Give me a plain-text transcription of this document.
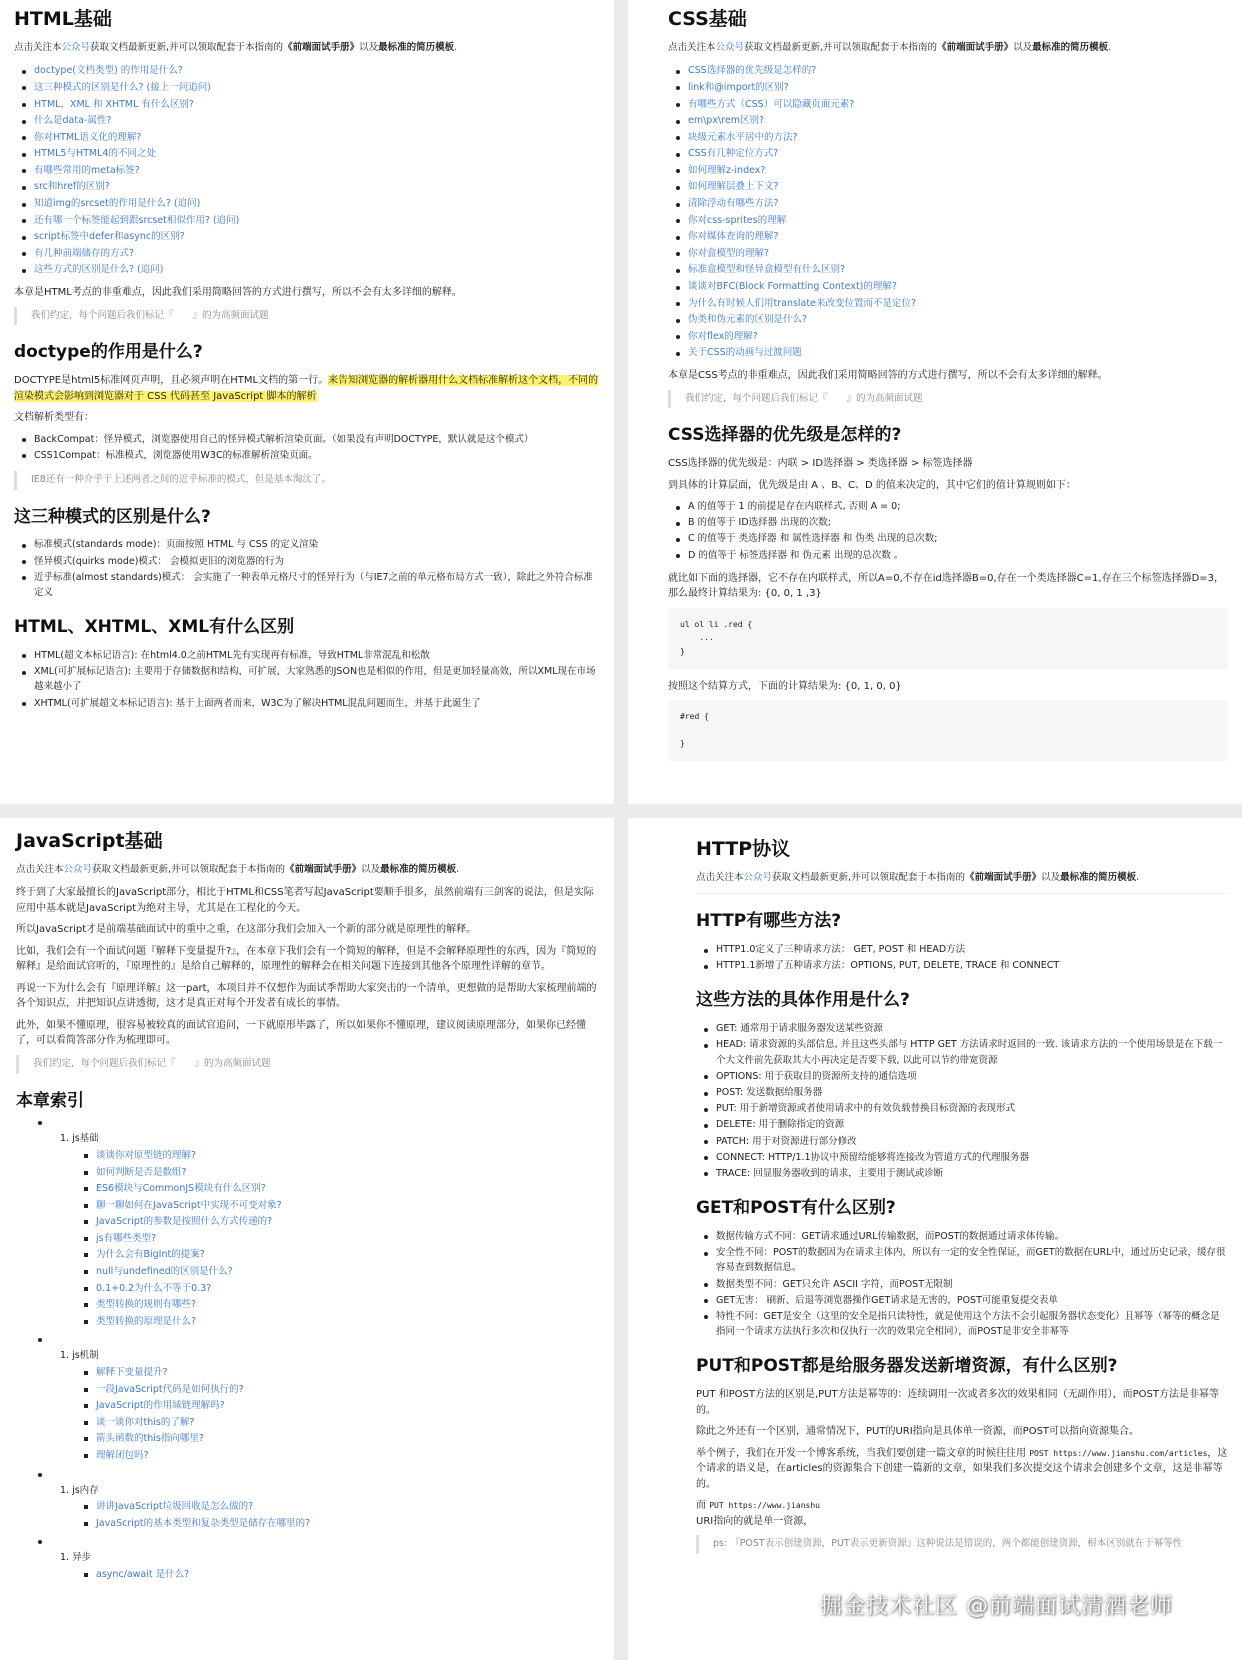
HTML基础

点击关注本公众号获取文档最新更新,并可以领取配套于本指南的《前端面试手册》以及最标准的简历模板.

doctype(文档类型) 的作用是什么?
这三种模式的区别是什么? (接上一问追问)
HTML、XML 和 XHTML 有什么区别?
什么是data-属性?
你对HTML语义化的理解?
HTML5与HTML4的不同之处
有哪些常用的meta标签?
src和href的区别?
知道img的srcset的作用是什么? (追问)
还有哪一个标签能起到跟srcset相似作用? (追问)
script标签中defer和async的区别?
有几种前端储存的方式?
这些方式的区别是什么? (追问)

本章是HTML考点的非重难点，因此我们采用简略回答的方式进行撰写，所以不会有太多详细的解释。

我们约定，每个问题后我们标记『　　』的为高频面试题
doctype的作用是什么?

DOCTYPE是html5标准网页声明，且必须声明在HTML文档的第一行。来告知浏览器的解析器用什么文档标准解析这个文档，不同的渲染模式会影响到浏览器对于 CSS 代码甚至 JavaScript 脚本的解析

文档解析类型有：

BackCompat：怪异模式，浏览器使用自己的怪异模式解析渲染页面。（如果没有声明DOCTYPE，默认就是这个模式）
CSS1Compat：标准模式，浏览器使用W3C的标准解析渲染页面。
IE8还有一种介乎于上述两者之间的近乎标准的模式，但是基本淘汰了。
这三种模式的区别是什么?
标准模式(standards mode)：页面按照 HTML 与 CSS 的定义渲染
怪异模式(quirks mode)模式： 会模拟更旧的浏览器的行为
近乎标准(almost standards)模式： 会实施了一种表单元格尺寸的怪异行为（与IE7之前的单元格布局方式一致），除此之外符合标准定义
HTML、XHTML、XML有什么区别
HTML(超文本标记语言): 在html4.0之前HTML先有实现再有标准，导致HTML非常混乱和松散
XML(可扩展标记语言): 主要用于存储数据和结构，可扩展，大家熟悉的JSON也是相似的作用，但是更加轻量高效，所以XML现在市场越来越小了
XHTML(可扩展超文本标记语言): 基于上面两者而来，W3C为了解决HTML混乱问题而生，并基于此诞生了
CSS基础

点击关注本公众号获取文档最新更新,并可以领取配套于本指南的《前端面试手册》以及最标准的简历模板.

CSS选择器的优先级是怎样的?
link和@import的区别?
有哪些方式（CSS）可以隐藏页面元素?
em\px\rem区别?
块级元素水平居中的方法?
CSS有几种定位方式?
如何理解z-index?
如何理解层叠上下文?
清除浮动有哪些方法?
你对css-sprites的理解
你对媒体查询的理解?
你对盒模型的理解?
标准盒模型和怪异盒模型有什么区别?
谈谈对BFC(Block Formatting Context)的理解?
为什么有时候人们用translate来改变位置而不是定位?
伪类和伪元素的区别是什么?
你对flex的理解?
关于CSS的动画与过渡问题

本章是CSS考点的非重难点，因此我们采用简略回答的方式进行撰写，所以不会有太多详细的解释。

我们约定，每个问题后我们标记『　　』的为高频面试题
CSS选择器的优先级是怎样的?

CSS选择器的优先级是：内联 > ID选择器 > 类选择器 > 标签选择器

到具体的计算层面，优先级是由 A 、B、C、D 的值来决定的，其中它们的值计算规则如下：

A 的值等于 1 的前提是存在内联样式, 否则 A = 0;
B 的值等于 ID选择器 出现的次数;
C 的值等于 类选择器 和 属性选择器 和 伪类 出现的总次数;
D 的值等于 标签选择器 和 伪元素 出现的总次数 。

就比如下面的选择器，它不存在内联样式，所以A=0,不存在id选择器B=0,存在一个类选择器C=1,存在三个标签选择器D=3，那么最终计算结果为: {0, 0, 1 ,3}

ul ol li .red {
...
}

按照这个结算方式，下面的计算结果为: {0, 1, 0, 0}

#red {

}
JavaScript基础

点击关注本公众号获取文档最新更新,并可以领取配套于本指南的《前端面试手册》以及最标准的简历模板.

终于到了大家最擅长的JavaScript部分，相比于HTML和CSS笔者写起JavaScript要顺手很多，虽然前端有三剑客的说法，但是实际应用中基本就是JavaScript为绝对主导，尤其是在工程化的今天。

所以JavaScript才是前端基础面试中的重中之重，在这部分我们会加入一个新的部分就是原理性的解释。

比如，我们会有一个面试问题『解释下变量提升?』，在本章下我们会有一个简短的解释，但是不会解释原理性的东西，因为『简短的解释』是给面试官听的，『原理性的』是给自己解释的，原理性的解释会在相关问题下连接到其他各个原理性详解的章节。

再说一下为什么会有『原理详解』这一part，本项目并不仅想作为面试季帮助大家突击的一个清单，更想做的是帮助大家梳理前端的各个知识点，并把知识点讲透彻，这才是真正对每个开发者有成长的事情。

此外，如果不懂原理，很容易被较真的面试官追问，一下就原形毕露了，所以如果你不懂原理，建议阅读原理部分，如果你已经懂了，可以看简答部分作为梳理即可。

我们约定，每个问题后我们标记『　　』的为高频面试题
本章索引
1. js基础
谈谈你对原型链的理解?
如何判断是否是数组?
ES6模块与CommonJS模块有什么区别?
聊一聊如何在JavaScript中实现不可变对象?
JavaScript的参数是按照什么方式传递的?
js有哪些类型?
为什么会有BigInt的提案?
null与undefined的区别是什么?
0.1+0.2为什么不等于0.3?
类型转换的规则有哪些?
类型转换的原理是什么?
1. js机制
解释下变量提升?
一段JavaScript代码是如何执行的?
JavaScript的作用域链理解吗?
谈一谈你对this的了解?
箭头函数的this指向哪里?
理解闭包吗?
1. js内存
讲讲JavaScript垃圾回收是怎么做的?
JavaScript的基本类型和复杂类型是储存在哪里的?
1. 异步
async/await 是什么?
HTTP协议

点击关注本公众号获取文档最新更新,并可以领取配套于本指南的《前端面试手册》以及最标准的简历模板.

HTTP有哪些方法?
HTTP1.0定义了三种请求方法： GET, POST 和 HEAD方法
HTTP1.1新增了五种请求方法：OPTIONS, PUT, DELETE, TRACE 和 CONNECT
这些方法的具体作用是什么?
GET: 通常用于请求服务器发送某些资源
HEAD: 请求资源的头部信息, 并且这些头部与 HTTP GET 方法请求时返回的一致. 该请求方法的一个使用场景是在下载一个大文件前先获取其大小再决定是否要下载, 以此可以节约带宽资源
OPTIONS: 用于获取目的资源所支持的通信选项
POST: 发送数据给服务器
PUT: 用于新增资源或者使用请求中的有效负载替换目标资源的表现形式
DELETE: 用于删除指定的资源
PATCH: 用于对资源进行部分修改
CONNECT: HTTP/1.1协议中预留给能够将连接改为管道方式的代理服务器
TRACE: 回显服务器收到的请求，主要用于测试或诊断
GET和POST有什么区别?
数据传输方式不同：GET请求通过URL传输数据，而POST的数据通过请求体传输。
安全性不同：POST的数据因为在请求主体内，所以有一定的安全性保证，而GET的数据在URL中，通过历史记录，缓存很容易查到数据信息。
数据类型不同：GET只允许 ASCII 字符，而POST无限制
GET无害： 刷新、后退等浏览器操作GET请求是无害的，POST可能重复提交表单
特性不同：GET是安全（这里的安全是指只读特性，就是使用这个方法不会引起服务器状态变化）且幂等（幂等的概念是指同一个请求方法执行多次和仅执行一次的效果完全相同），而POST是非安全非幂等
PUT和POST都是给服务器发送新增资源，有什么区别?

PUT 和POST方法的区别是,PUT方法是幂等的：连续调用一次或者多次的效果相同（无副作用），而POST方法是非幂等的。

除此之外还有一个区别，通常情况下，PUT的URI指向是具体单一资源，而POST可以指向资源集合。

举个例子，我们在开发一个博客系统，当我们要创建一篇文章的时候往往用 POST https://www.jianshu.com/articles，这个请求的语义是，在articles的资源集合下创建一篇新的文章，如果我们多次提交这个请求会创建多个文章，这是非幂等的。

而 PUT https://www.jianshu
URI指向的就是单一资源，

ps: 『POST表示创建资源，PUT表示更新资源』这种说法是错误的，两个都能创建资源，根本区别就在于幂等性
掘金技术社区 @前端面试清酒老师
